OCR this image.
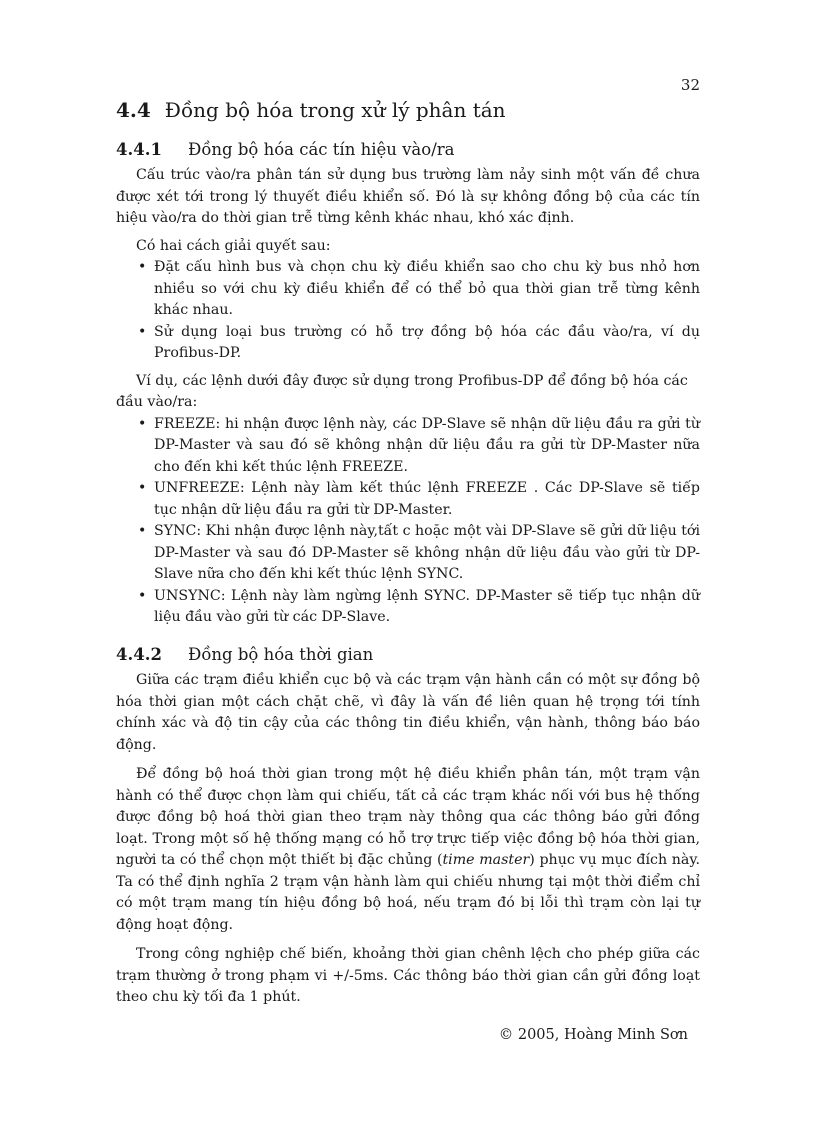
32
4.4 Đồng bộ hóa trong xử lý phân tán
4.4.1 Đồng bộ hóa các tín hiệu vào/ra

Cấu trúc vào/ra phân tán sử dụng bus trường làm nảy sinh một vấn đề chưa được xét tới trong lý thuyết điều khiển số. Đó là sự không đồng bộ của các tín hiệu vào/ra do thời gian trễ từng kênh khác nhau, khó xác định.

Có hai cách giải quyết sau:

• Đặt cấu hình bus và chọn chu kỳ điều khiển sao cho chu kỳ bus nhỏ hơn nhiều so với chu kỳ điều khiển để có thể bỏ qua thời gian trễ từng kênh khác nhau.
• Sử dụng loại bus trường có hỗ trợ đồng bộ hóa các đầu vào/ra, ví dụ Profibus-DP.

Ví dụ, các lệnh dưới đây được sử dụng trong Profibus-DP để đồng bộ hóa các đầu vào/ra:

• FREEZE: hi nhận được lệnh này, các DP-Slave sẽ nhận dữ liệu đầu ra gửi từ DP-Master và sau đó sẽ không nhận dữ liệu đầu ra gửi từ DP-Master nữa cho đến khi kết thúc lệnh FREEZE.
• UNFREEZE: Lệnh này làm kết thúc lệnh FREEZE . Các DP-Slave sẽ tiếp tục nhận dữ liệu đầu ra gửi từ DP-Master.
• SYNC: Khi nhận được lệnh này,tất c hoặc một vài DP-Slave sẽ gửi dữ liệu tới DP-Master và sau đó DP-Master sẽ không nhận dữ liệu đầu vào gửi từ DP-Slave nữa cho đến khi kết thúc lệnh SYNC.
• UNSYNC: Lệnh này làm ngừng lệnh SYNC. DP-Master sẽ tiếp tục nhận dữ liệu đầu vào gửi từ các DP-Slave.
4.4.2 Đồng bộ hóa thời gian

Giữa các trạm điều khiển cục bộ và các trạm vận hành cần có một sự đồng bộ hóa thời gian một cách chặt chẽ, vì đây là vấn đề liên quan hệ trọng tới tính chính xác và độ tin cậy của các thông tin điều khiển, vận hành, thông báo báo động.

Để đồng bộ hoá thời gian trong một hệ điều khiển phân tán, một trạm vận hành có thể được chọn làm qui chiếu, tất cả các trạm khác nối với bus hệ thống được đồng bộ hoá thời gian theo trạm này thông qua các thông báo gửi đồng loạt. Trong một số hệ thống mạng có hỗ trợ trực tiếp việc đồng bộ hóa thời gian, người ta có thể chọn một thiết bị đặc chủng (time master) phục vụ mục đích này. Ta có thể định nghĩa 2 trạm vận hành làm qui chiếu nhưng tại một thời điểm chỉ có một trạm mang tín hiệu đồng bộ hoá, nếu trạm đó bị lỗi thì trạm còn lại tự động hoạt động.

Trong công nghiệp chế biến, khoảng thời gian chênh lệch cho phép giữa các trạm thường ở trong phạm vi +/-5ms. Các thông báo thời gian cần gửi đồng loạt theo chu kỳ tối đa 1 phút.

© 2005, Hoàng Minh Sơn
